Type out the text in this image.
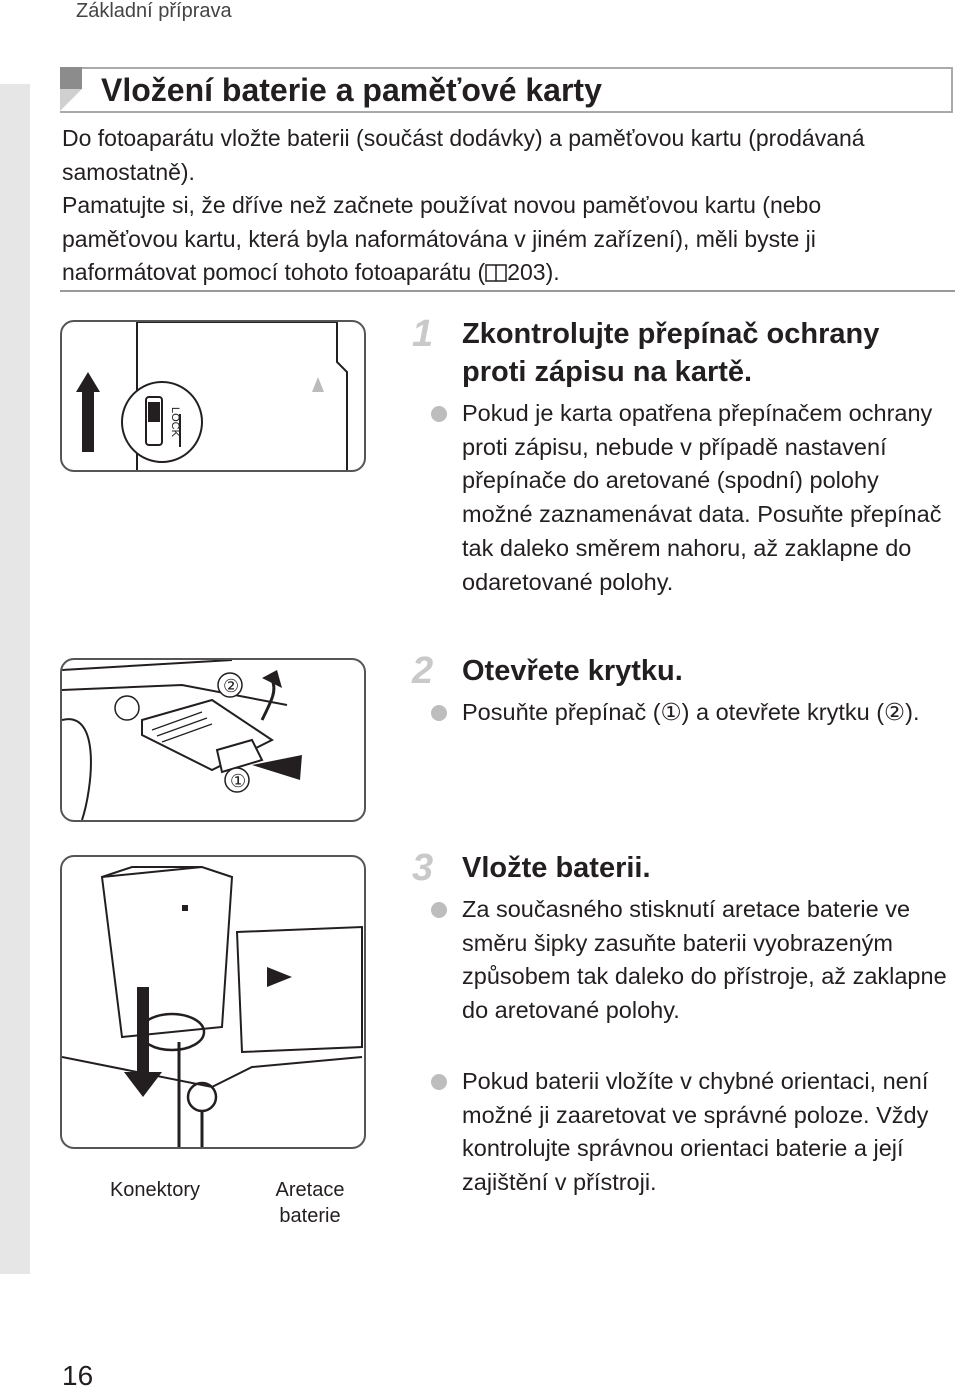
Základní příprava
Vložení baterie a paměťové karty

Do fotoaparátu vložte baterii (součást dodávky) a paměťovou kartu (prodávaná samostatně).

Pamatujte si, že dříve než začnete používat novou paměťovou kartu (nebo paměťovou kartu, která byla naformátována v jiném zařízení), měli byste ji naformátovat pomocí tohoto fotoaparátu ( 203).

LOCK
②
①
Konektory	Aretace
baterie
1 Zkontrolujte přepínač ochrany proti zápisu na kartě.
Pokud je karta opatřena přepínačem ochrany proti zápisu, nebude v případě nastavení přepínače do aretované (spodní) polohy možné zaznamenávat data. Posuňte přepínač tak daleko směrem nahoru, až zaklapne do odaretované polohy.
2 Otevřete krytku.
Posuňte přepínač (①) a otevřete krytku (②).
3 Vložte baterii.
Za současného stisknutí aretace baterie ve směru šipky zasuňte baterii vyobrazeným způsobem tak daleko do přístroje, až zaklapne do aretované polohy.
Pokud baterii vložíte v chybné orientaci, není možné ji zaaretovat ve správné poloze. Vždy kontrolujte správnou orientaci baterie a její zajištění v přístroji.
16
